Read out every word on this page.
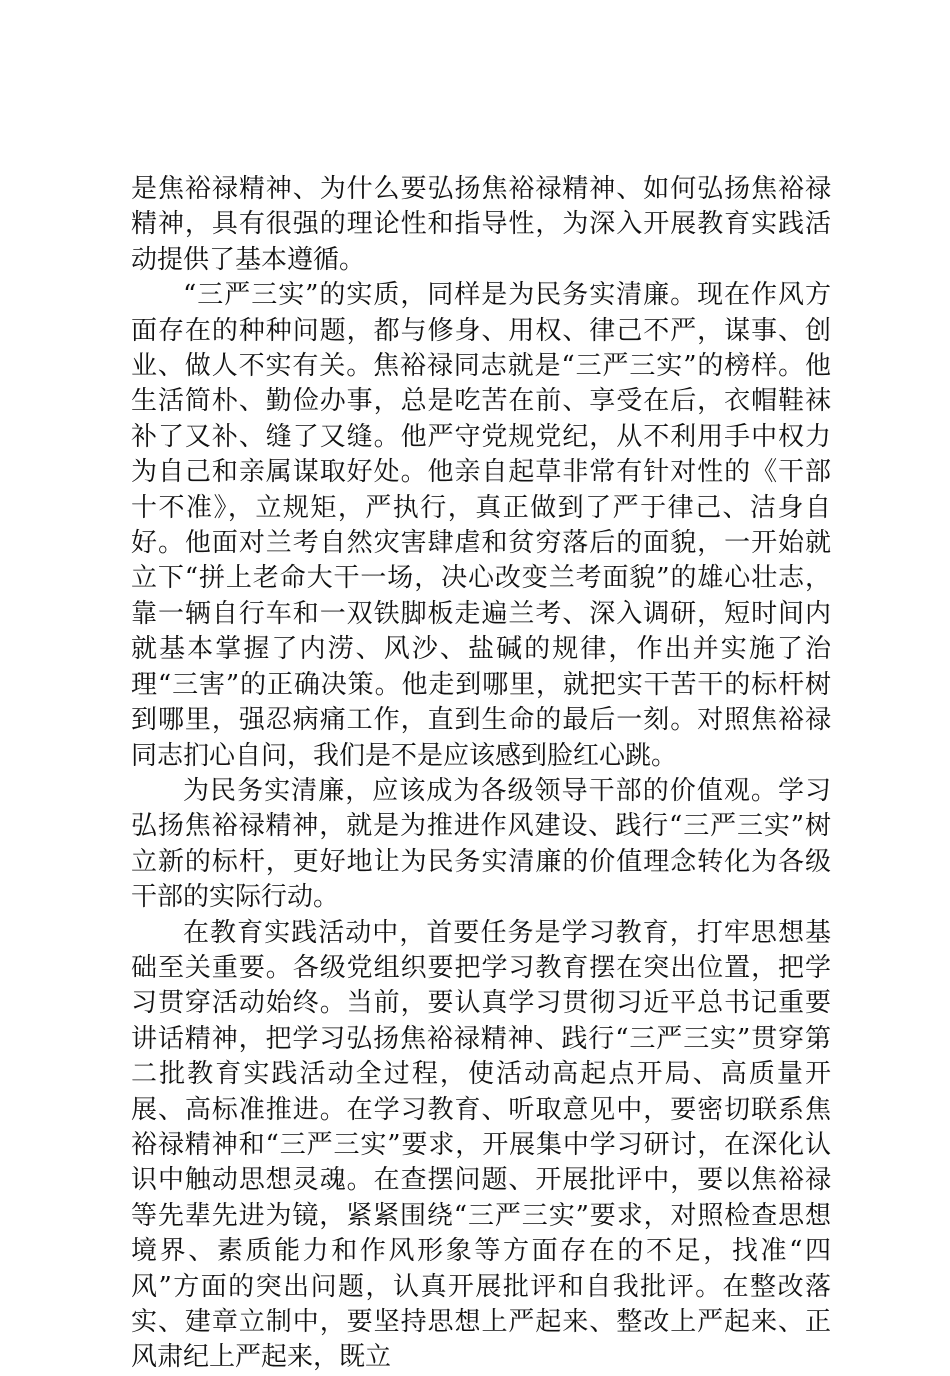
是焦裕禄精神、为什么要弘扬焦裕禄精神、如何弘扬焦裕禄精神，具有很强的理论性和指导性，为深入开展教育实践活动提供了基本遵循。

“三严三实”的实质，同样是为民务实清廉。现在作风方面存在的种种问题，都与修身、用权、律己不严，谋事、创业、做人不实有关。焦裕禄同志就是“三严三实”的榜样。他生活简朴、勤俭办事，总是吃苦在前、享受在后，衣帽鞋袜补了又补、缝了又缝。他严守党规党纪，从不利用手中权力为自己和亲属谋取好处。他亲自起草非常有针对性的《干部十不准》，立规矩，严执行，真正做到了严于律己、洁身自好。他面对兰考自然灾害肆虐和贫穷落后的面貌，一开始就立下“拼上老命大干一场，决心改变兰考面貌”的雄心壮志，靠一辆自行车和一双铁脚板走遍兰考、深入调研，短时间内就基本掌握了内涝、风沙、盐碱的规律，作出并实施了治理“三害”的正确决策。他走到哪里，就把实干苦干的标杆树到哪里，强忍病痛工作，直到生命的最后一刻。对照焦裕禄同志扪心自问，我们是不是应该感到脸红心跳。

为民务实清廉，应该成为各级领导干部的价值观。学习弘扬焦裕禄精神，就是为推进作风建设、践行“三严三实”树立新的标杆，更好地让为民务实清廉的价值理念转化为各级干部的实际行动。

在教育实践活动中，首要任务是学习教育，打牢思想基础至关重要。各级党组织要把学习教育摆在突出位置，把学习贯穿活动始终。当前，要认真学习贯彻习近平总书记重要讲话精神，把学习弘扬焦裕禄精神、践行“三严三实”贯穿第二批教育实践活动全过程，使活动高起点开局、高质量开展、高标准推进。在学习教育、听取意见中，要密切联系焦裕禄精神和“三严三实”要求，开展集中学习研讨，在深化认识中触动思想灵魂。在查摆问题、开展批评中，要以焦裕禄等先辈先进为镜，紧紧围绕“三严三实”要求，对照检查思想境界、素质能力和作风形象等方面存在的不足，找准“四风”方面的突出问题，认真开展批评和自我批评。在整改落实、建章立制中，要坚持思想上严起来、整改上严起来、正风肃纪上严起来，既立
